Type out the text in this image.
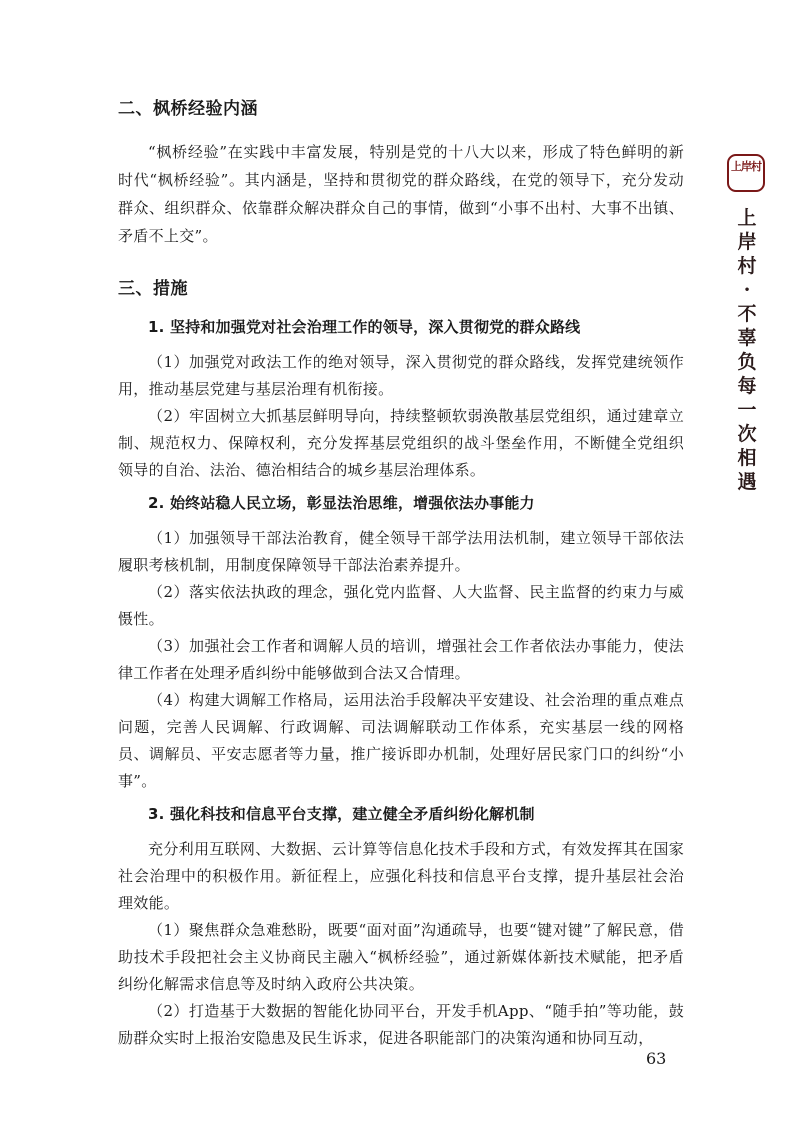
二、枫桥经验内涵

“枫桥经验”在实践中丰富发展，特别是党的十八大以来，形成了特色鲜明的新时代“枫桥经验”。其内涵是，坚持和贯彻党的群众路线，在党的领导下，充分发动群众、组织群众、依靠群众解决群众自己的事情，做到“小事不出村、大事不出镇、矛盾不上交”。

三、措施
1. 坚持和加强党对社会治理工作的领导，深入贯彻党的群众路线

（1）加强党对政法工作的绝对领导，深入贯彻党的群众路线，发挥党建统领作用，推动基层党建与基层治理有机衔接。

（2）牢固树立大抓基层鲜明导向，持续整顿软弱涣散基层党组织，通过建章立制、规范权力、保障权利，充分发挥基层党组织的战斗堡垒作用，不断健全党组织领导的自治、法治、德治相结合的城乡基层治理体系。

2. 始终站稳人民立场，彰显法治思维，增强依法办事能力

（1）加强领导干部法治教育，健全领导干部学法用法机制，建立领导干部依法履职考核机制，用制度保障领导干部法治素养提升。

（2）落实依法执政的理念，强化党内监督、人大监督、民主监督的约束力与威慑性。

（3）加强社会工作者和调解人员的培训，增强社会工作者依法办事能力，使法律工作者在处理矛盾纠纷中能够做到合法又合情理。

（4）构建大调解工作格局，运用法治手段解决平安建设、社会治理的重点难点问题，完善人民调解、行政调解、司法调解联动工作体系，充实基层一线的网格员、调解员、平安志愿者等力量，推广接诉即办机制，处理好居民家门口的纠纷“小事”。

3. 强化科技和信息平台支撑，建立健全矛盾纠纷化解机制

充分利用互联网、大数据、云计算等信息化技术手段和方式，有效发挥其在国家社会治理中的积极作用。新征程上，应强化科技和信息平台支撑，提升基层社会治理效能。

（1）聚焦群众急难愁盼，既要“面对面”沟通疏导，也要“键对键”了解民意，借助技术手段把社会主义协商民主融入“枫桥经验”，通过新媒体新技术赋能，把矛盾纠纷化解需求信息等及时纳入政府公共决策。

（2）打造基于大数据的智能化协同平台，开发手机App、“随手拍”等功能，鼓励群众实时上报治安隐患及民生诉求，促进各职能部门的决策沟通和协同互动，

上岸村
上
岸
村
·
不
辜
负
每
一
次
相
遇
63
